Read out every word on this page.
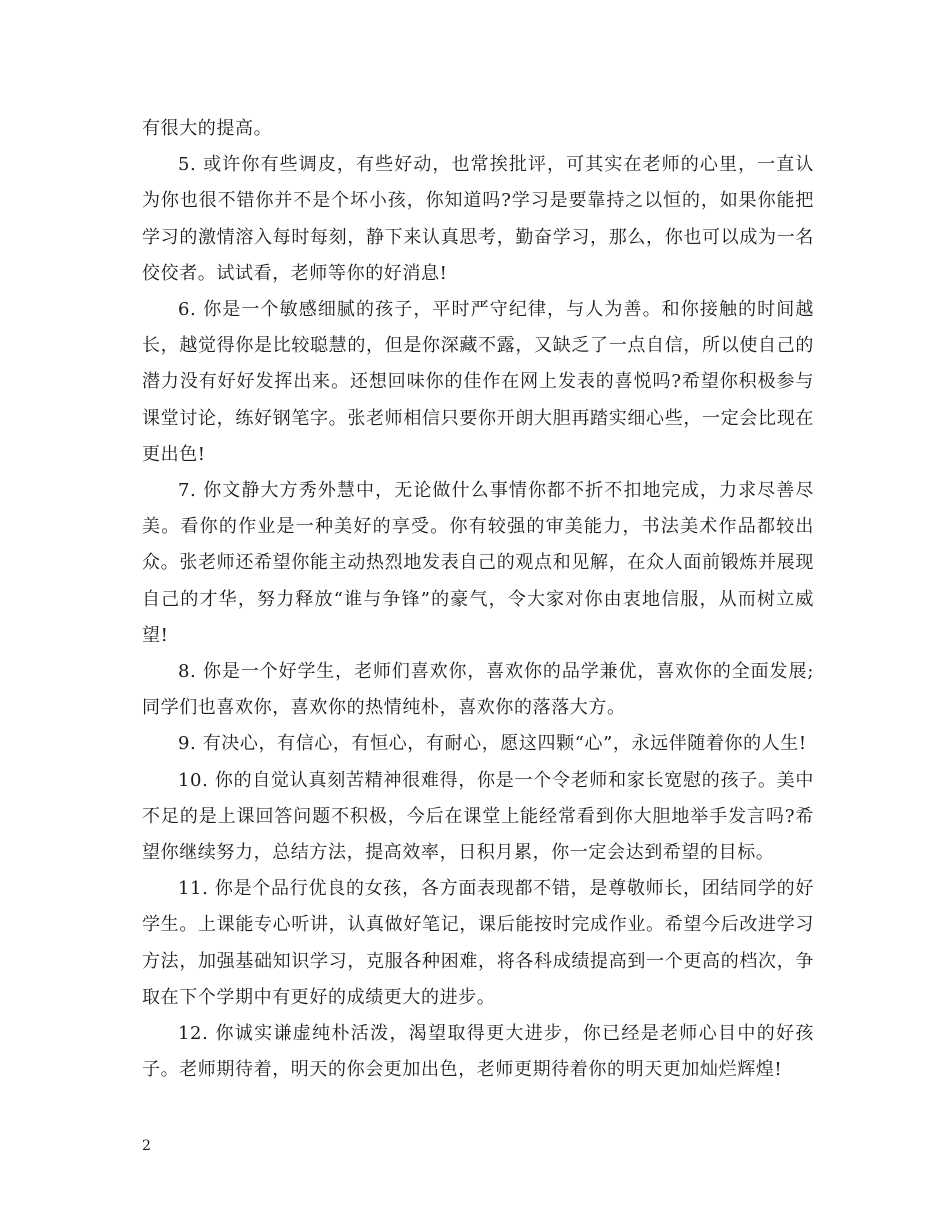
有很大的提高。

5. 或许你有些调皮，有些好动，也常挨批评，可其实在老师的心里，一直认为你也很不错你并不是个坏小孩，你知道吗?学习是要靠持之以恒的，如果你能把学习的激情溶入每时每刻，静下来认真思考，勤奋学习，那么，你也可以成为一名佼佼者。试试看，老师等你的好消息!

6. 你是一个敏感细腻的孩子，平时严守纪律，与人为善。和你接触的时间越长，越觉得你是比较聪慧的，但是你深藏不露，又缺乏了一点自信，所以使自己的潜力没有好好发挥出来。还想回味你的佳作在网上发表的喜悦吗?希望你积极参与课堂讨论，练好钢笔字。张老师相信只要你开朗大胆再踏实细心些，一定会比现在更出色!

7. 你文静大方秀外慧中，无论做什么事情你都不折不扣地完成，力求尽善尽美。看你的作业是一种美好的享受。你有较强的审美能力，书法美术作品都较出众。张老师还希望你能主动热烈地发表自己的观点和见解，在众人面前锻炼并展现自己的才华，努力释放“谁与争锋”的豪气，令大家对你由衷地信服，从而树立威望!

8. 你是一个好学生，老师们喜欢你，喜欢你的品学兼优，喜欢你的全面发展;同学们也喜欢你，喜欢你的热情纯朴，喜欢你的落落大方。

9. 有决心，有信心，有恒心，有耐心，愿这四颗“心”，永远伴随着你的人生!

10. 你的自觉认真刻苦精神很难得，你是一个令老师和家长宽慰的孩子。美中不足的是上课回答问题不积极，今后在课堂上能经常看到你大胆地举手发言吗?希望你继续努力，总结方法，提高效率，日积月累，你一定会达到希望的目标。

11. 你是个品行优良的女孩，各方面表现都不错，是尊敬师长，团结同学的好学生。上课能专心听讲，认真做好笔记，课后能按时完成作业。希望今后改进学习方法，加强基础知识学习，克服各种困难，将各科成绩提高到一个更高的档次，争取在下个学期中有更好的成绩更大的进步。

12. 你诚实谦虚纯朴活泼，渴望取得更大进步，你已经是老师心目中的好孩子。老师期待着，明天的你会更加出色，老师更期待着你的明天更加灿烂辉煌!

2
